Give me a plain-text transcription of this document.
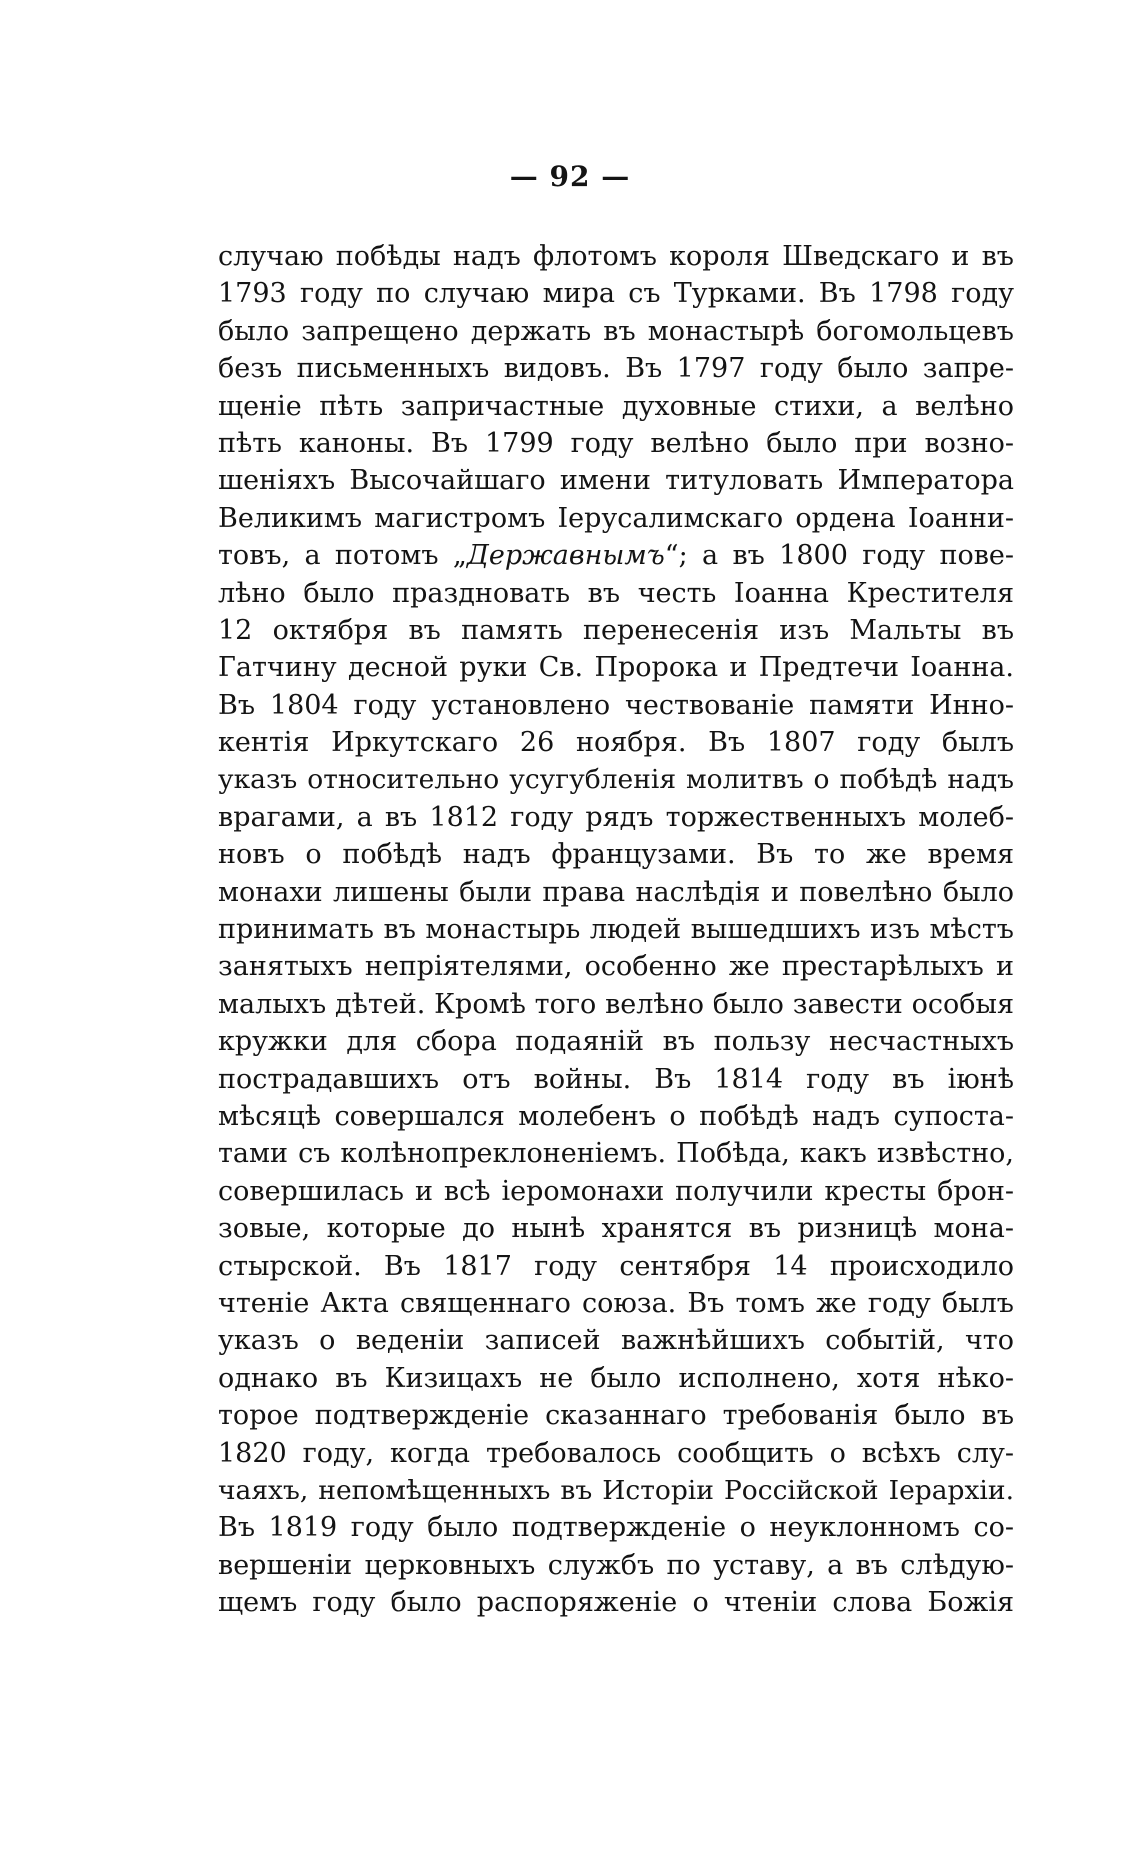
— 92 —
случаю побѣды надъ флотомъ короля Шведскаго и въ
1793 году по случаю мира съ Турками. Въ 1798 году
было запрещено держать въ монастырѣ богомольцевъ
безъ письменныхъ видовъ. Въ 1797 году было запре-
щеніе пѣть запричастные духовные стихи, а велѣно
пѣть каноны. Въ 1799 году велѣно было при возно-
шеніяхъ Высочайшаго имени титуловать Императора
Великимъ магистромъ Іерусалимскаго ордена Іоанни-
товъ, а потомъ „Державнымъ“; а въ 1800 году пове-
лѣно было праздновать въ честь Іоанна Крестителя
12 октября въ память перенесенія изъ Мальты въ
Гатчину десной руки Св. Пророка и Предтечи Іоанна.
Въ 1804 году установлено чествованіе памяти Инно-
кентія Иркутскаго 26 ноября. Въ 1807 году былъ
указъ относительно усугубленія молитвъ о побѣдѣ надъ
врагами, а въ 1812 году рядъ торжественныхъ молеб-
новъ о побѣдѣ надъ французами. Въ то же время
монахи лишены были права наслѣдія и повелѣно было
принимать въ монастырь людей вышедшихъ изъ мѣстъ
занятыхъ непріятелями, особенно же престарѣлыхъ и
малыхъ дѣтей. Кромѣ того велѣно было завести особыя
кружки для сбора подаяній въ пользу несчастныхъ
пострадавшихъ отъ войны. Въ 1814 году въ іюнѣ
мѣсяцѣ совершался молебенъ о побѣдѣ надъ супоста-
тами съ колѣнопреклоненіемъ. Побѣда, какъ извѣстно,
совершилась и всѣ іеромонахи получили кресты брон-
зовые, которые до нынѣ хранятся въ ризницѣ мона-
стырской. Въ 1817 году сентября 14 происходило
чтеніе Акта священнаго союза. Въ томъ же году былъ
указъ о веденіи записей важнѣйшихъ событій, что
однако въ Кизицахъ не было исполнено, хотя нѣко-
торое подтвержденіе сказаннаго требованія было въ
1820 году, когда требовалось сообщить о всѣхъ слу-
чаяхъ, непомѣщенныхъ въ Исторіи Россійской Іерархіи.
Въ 1819 году было подтвержденіе о неуклонномъ со-
вершеніи церковныхъ службъ по уставу, а въ слѣдую-
щемъ году было распоряженіе о чтеніи слова Божія
